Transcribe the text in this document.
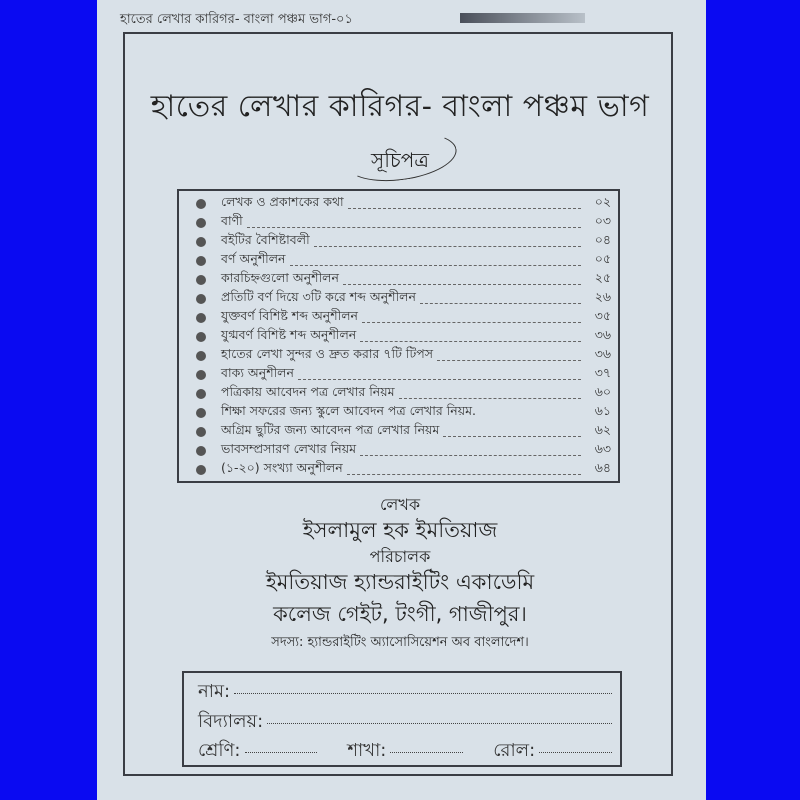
হাতের লেখার কারিগর- বাংলা পঞ্চম ভাগ-০১
হাতের লেখার কারিগর- বাংলা পঞ্চম ভাগ
সূচিপত্র
লেখক ও প্রকাশকের কথা	০২
বাণী	০৩
বইটির বৈশিষ্টাবলী	০৪
বর্ণ অনুশীলন	০৫
কারচিহ্নগুলো অনুশীলন	২৫
প্রতিটি বর্ণ দিয়ে ৩টি করে শব্দ অনুশীলন	২৬
যুক্তবর্ণ বিশিষ্ট শব্দ অনুশীলন	৩৫
যুগ্মবর্ণ বিশিষ্ট শব্দ অনুশীলন	৩৬
হাতের লেখা সুন্দর ও দ্রুত করার ৭টি টিপস	৩৬
বাক্য অনুশীলন	৩৭
পত্রিকায় আবেদন পত্র লেখার নিয়ম	৬০
শিক্ষা সফরের জন্য স্কুলে আবেদন পত্র লেখার নিয়ম.	৬১
অগ্রিম ছুটির জন্য আবেদন পত্র লেখার নিয়ম	৬২
ভাবসম্প্রসারণ লেখার নিয়ম	৬৩
(১-২০) সংখ্যা অনুশীলন	৬৪
লেখক
ইসলামুল হক ইমতিয়াজ
পরিচালক
ইমতিয়াজ হ্যান্ডরাইটিং একাডেমি
কলেজ গেইট, টংগী, গাজীপুর।
সদস্য: হ্যান্ডরাইটিং অ্যাসোসিয়েশন অব বাংলাদেশ।
নাম:
বিদ্যালয়:
শ্রেণি:	শাখা:	রোল:
